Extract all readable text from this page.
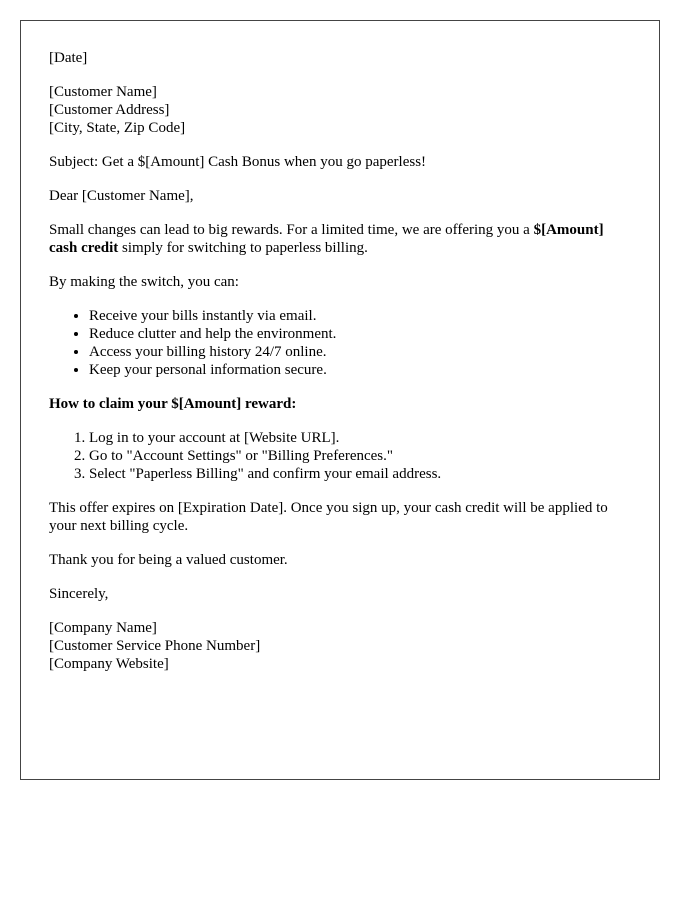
[Date]

[Customer Name]
[Customer Address]
[City, State, Zip Code]

Subject: Get a $[Amount] Cash Bonus when you go paperless!

Dear [Customer Name],

Small changes can lead to big rewards. For a limited time, we are offering you a $[Amount] cash credit simply for switching to paperless billing.

By making the switch, you can:

• Receive your bills instantly via email.
• Reduce clutter and help the environment.
• Access your billing history 24/7 online.
• Keep your personal information secure.

How to claim your $[Amount] reward:

1. Log in to your account at [Website URL].
2. Go to "Account Settings" or "Billing Preferences."
3. Select "Paperless Billing" and confirm your email address.

This offer expires on [Expiration Date]. Once you sign up, your cash credit will be applied to your next billing cycle.

Thank you for being a valued customer.

Sincerely,

[Company Name]
[Customer Service Phone Number]
[Company Website]
